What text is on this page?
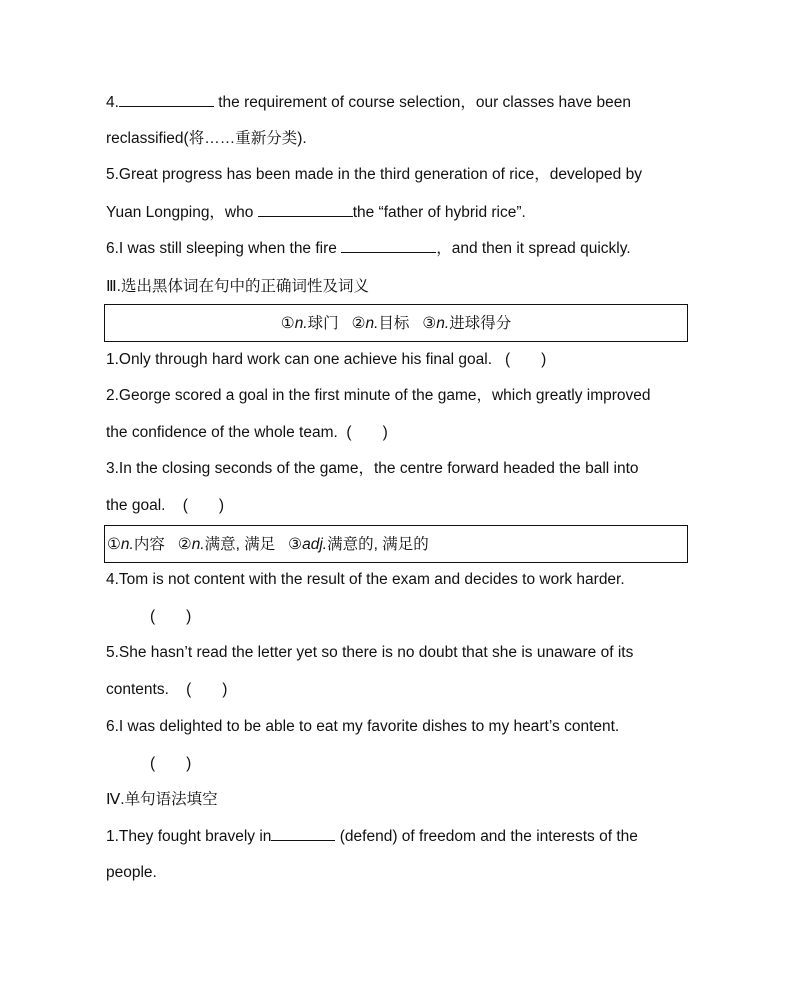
4.	the requirement of course selection，our classes have been
reclassified(将……重新分类).
5.Great progress has been made in the third generation of rice，developed by
Yuan Longping，who	the “father of hybrid rice”.
6.I was still sleeping when the fire	，and then it spread quickly.
Ⅲ.选出黑体词在句中的正确词性及词义
①n.球门 ②n.目标 ③n.进球得分
1.Only through hard work can one achieve his final goal. (　　)
2.George scored a goal in the first minute of the game，which greatly improved
the confidence of the whole team. (　　)
3.In the closing seconds of the game，the centre forward headed the ball into
the goal. (　　)
①n.内容 ②n.满意, 满足 ③adj.满意的, 满足的
4.Tom is not content with the result of the exam and decides to work harder.
(　　)
5.She hasn’t read the letter yet so there is no doubt that she is unaware of its
contents. (　　)
6.I was delighted to be able to eat my favorite dishes to my heart’s content.
(　　)
Ⅳ.单句语法填空
1.They fought bravely in	(defend) of freedom and the interests of the
people.
